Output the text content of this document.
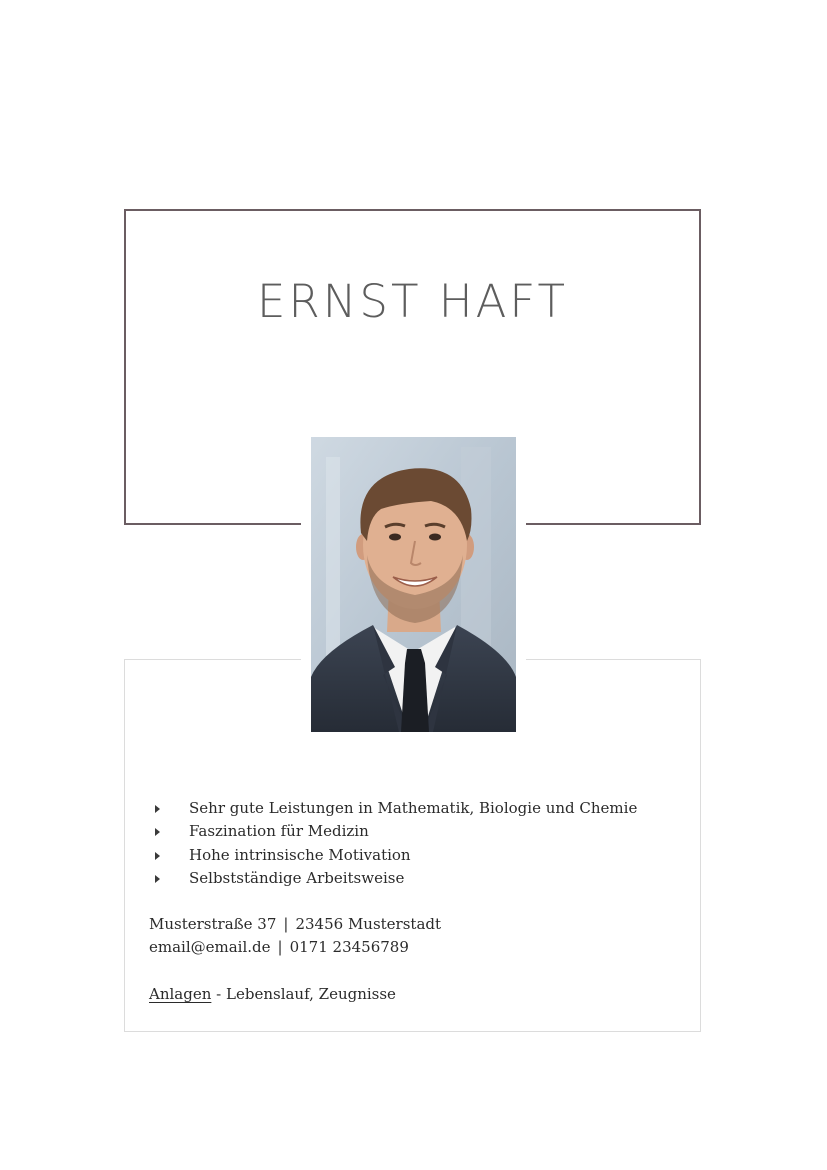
ERNST HAFT
Sehr gute Leistungen in Mathematik, Biologie und Chemie
Faszination für Medizin
Hohe intrinsische Motivation
Selbstständige Arbeitsweise
Musterstraße 37 | 23456 Musterstadt
email@email.de | 0171 23456789
Anlagen - Lebenslauf, Zeugnisse
